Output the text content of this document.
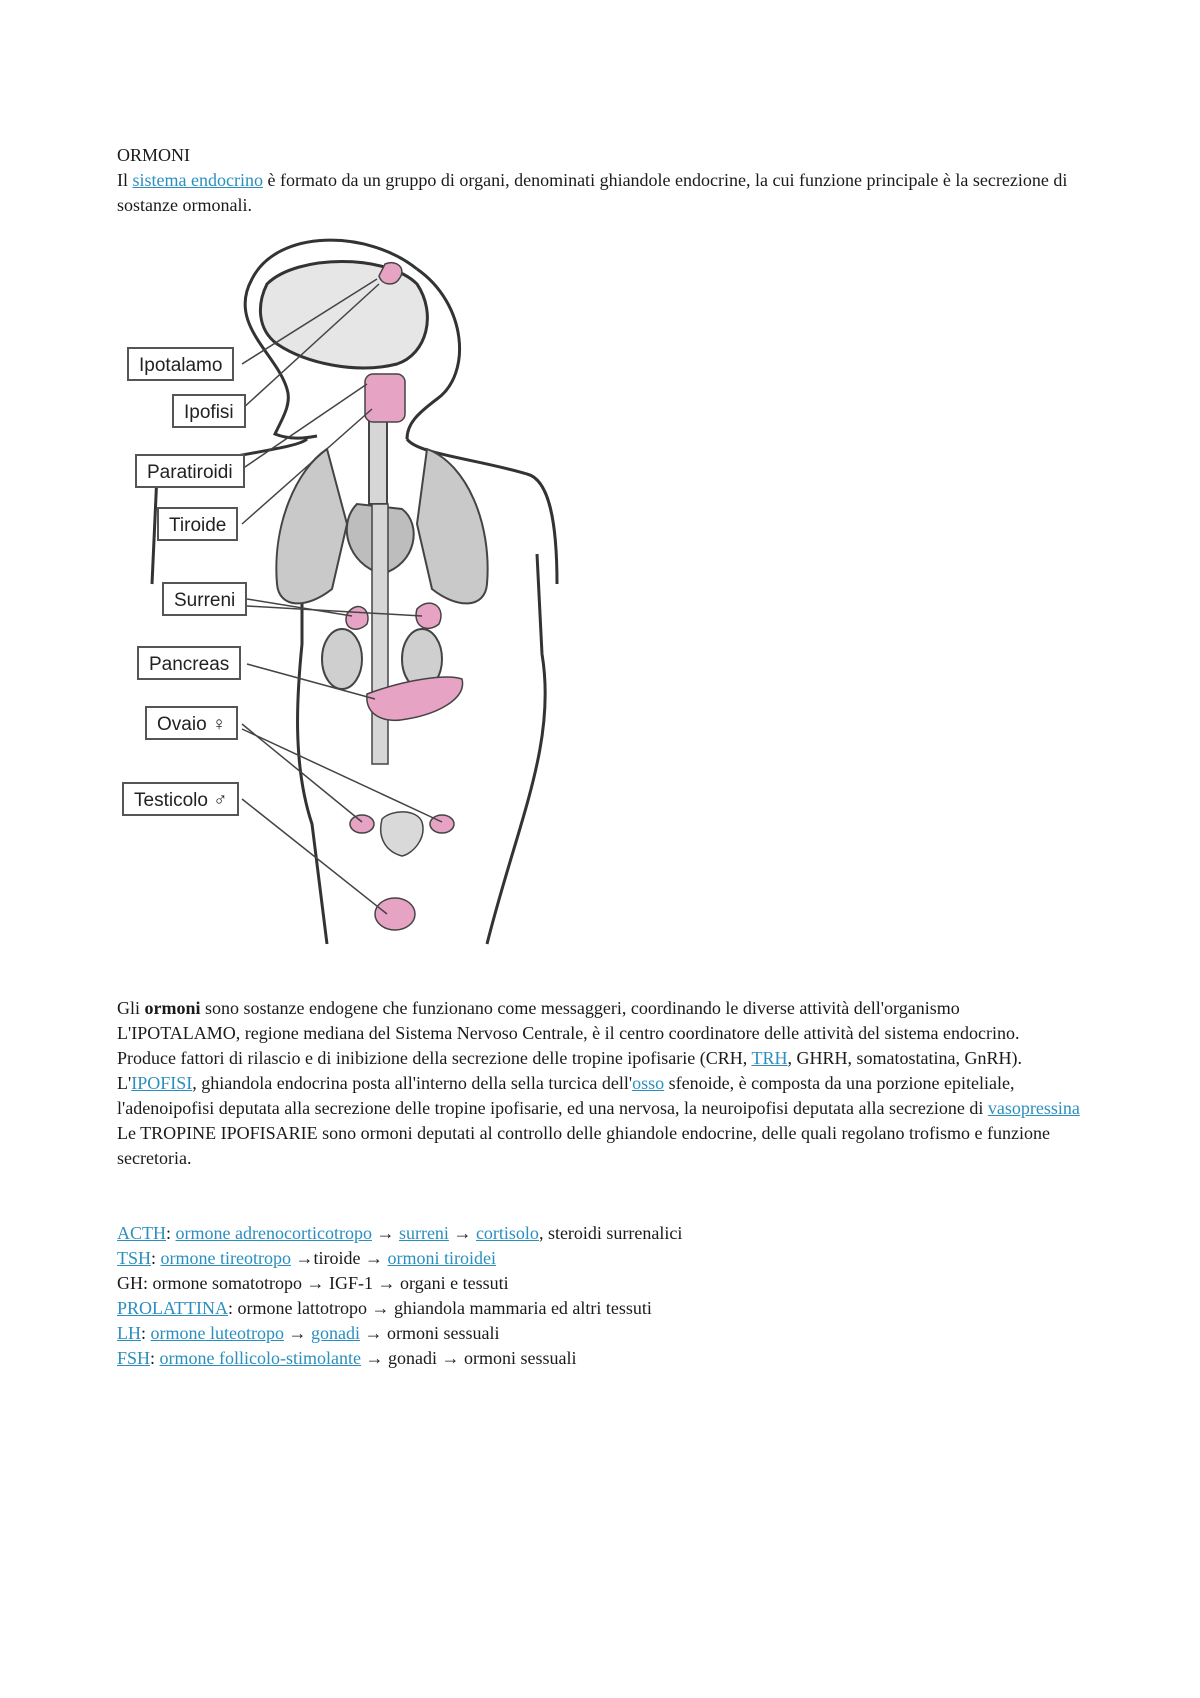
ORMONI

Il sistema endocrino è formato da un gruppo di organi, denominati ghiandole endocrine, la cui funzione principale è la secrezione di sostanze ormonali.

Ipotalamo
Ipofisi
Paratiroidi
Tiroide
Surreni
Pancreas
Ovaio ♀
Testicolo ♂

Gli ormoni sono sostanze endogene che funzionano come messaggeri, coordinando le diverse attività dell'organismo

L'IPOTALAMO, regione mediana del Sistema Nervoso Centrale, è il centro coordinatore delle attività del sistema endocrino.

Produce fattori di rilascio e di inibizione della secrezione delle tropine ipofisarie (CRH, TRH, GHRH, somatostatina, GnRH).

L'IPOFISI, ghiandola endocrina posta all'interno della sella turcica dell'osso sfenoide, è composta da una porzione epiteliale, l'adenoipofisi deputata alla secrezione delle tropine ipofisarie, ed una nervosa, la neuroipofisi deputata alla secrezione di vasopressina

Le TROPINE IPOFISARIE sono ormoni deputati al controllo delle ghiandole endocrine, delle quali regolano trofismo e funzione secretoria.

ACTH: ormone adrenocorticotropo → surreni → cortisolo, steroidi surrenalici

TSH: ormone tireotropo →tiroide → ormoni tiroidei

GH: ormone somatotropo → IGF-1 → organi e tessuti

PROLATTINA: ormone lattotropo → ghiandola mammaria ed altri tessuti

LH: ormone luteotropo → gonadi → ormoni sessuali

FSH: ormone follicolo-stimolante → gonadi → ormoni sessuali
